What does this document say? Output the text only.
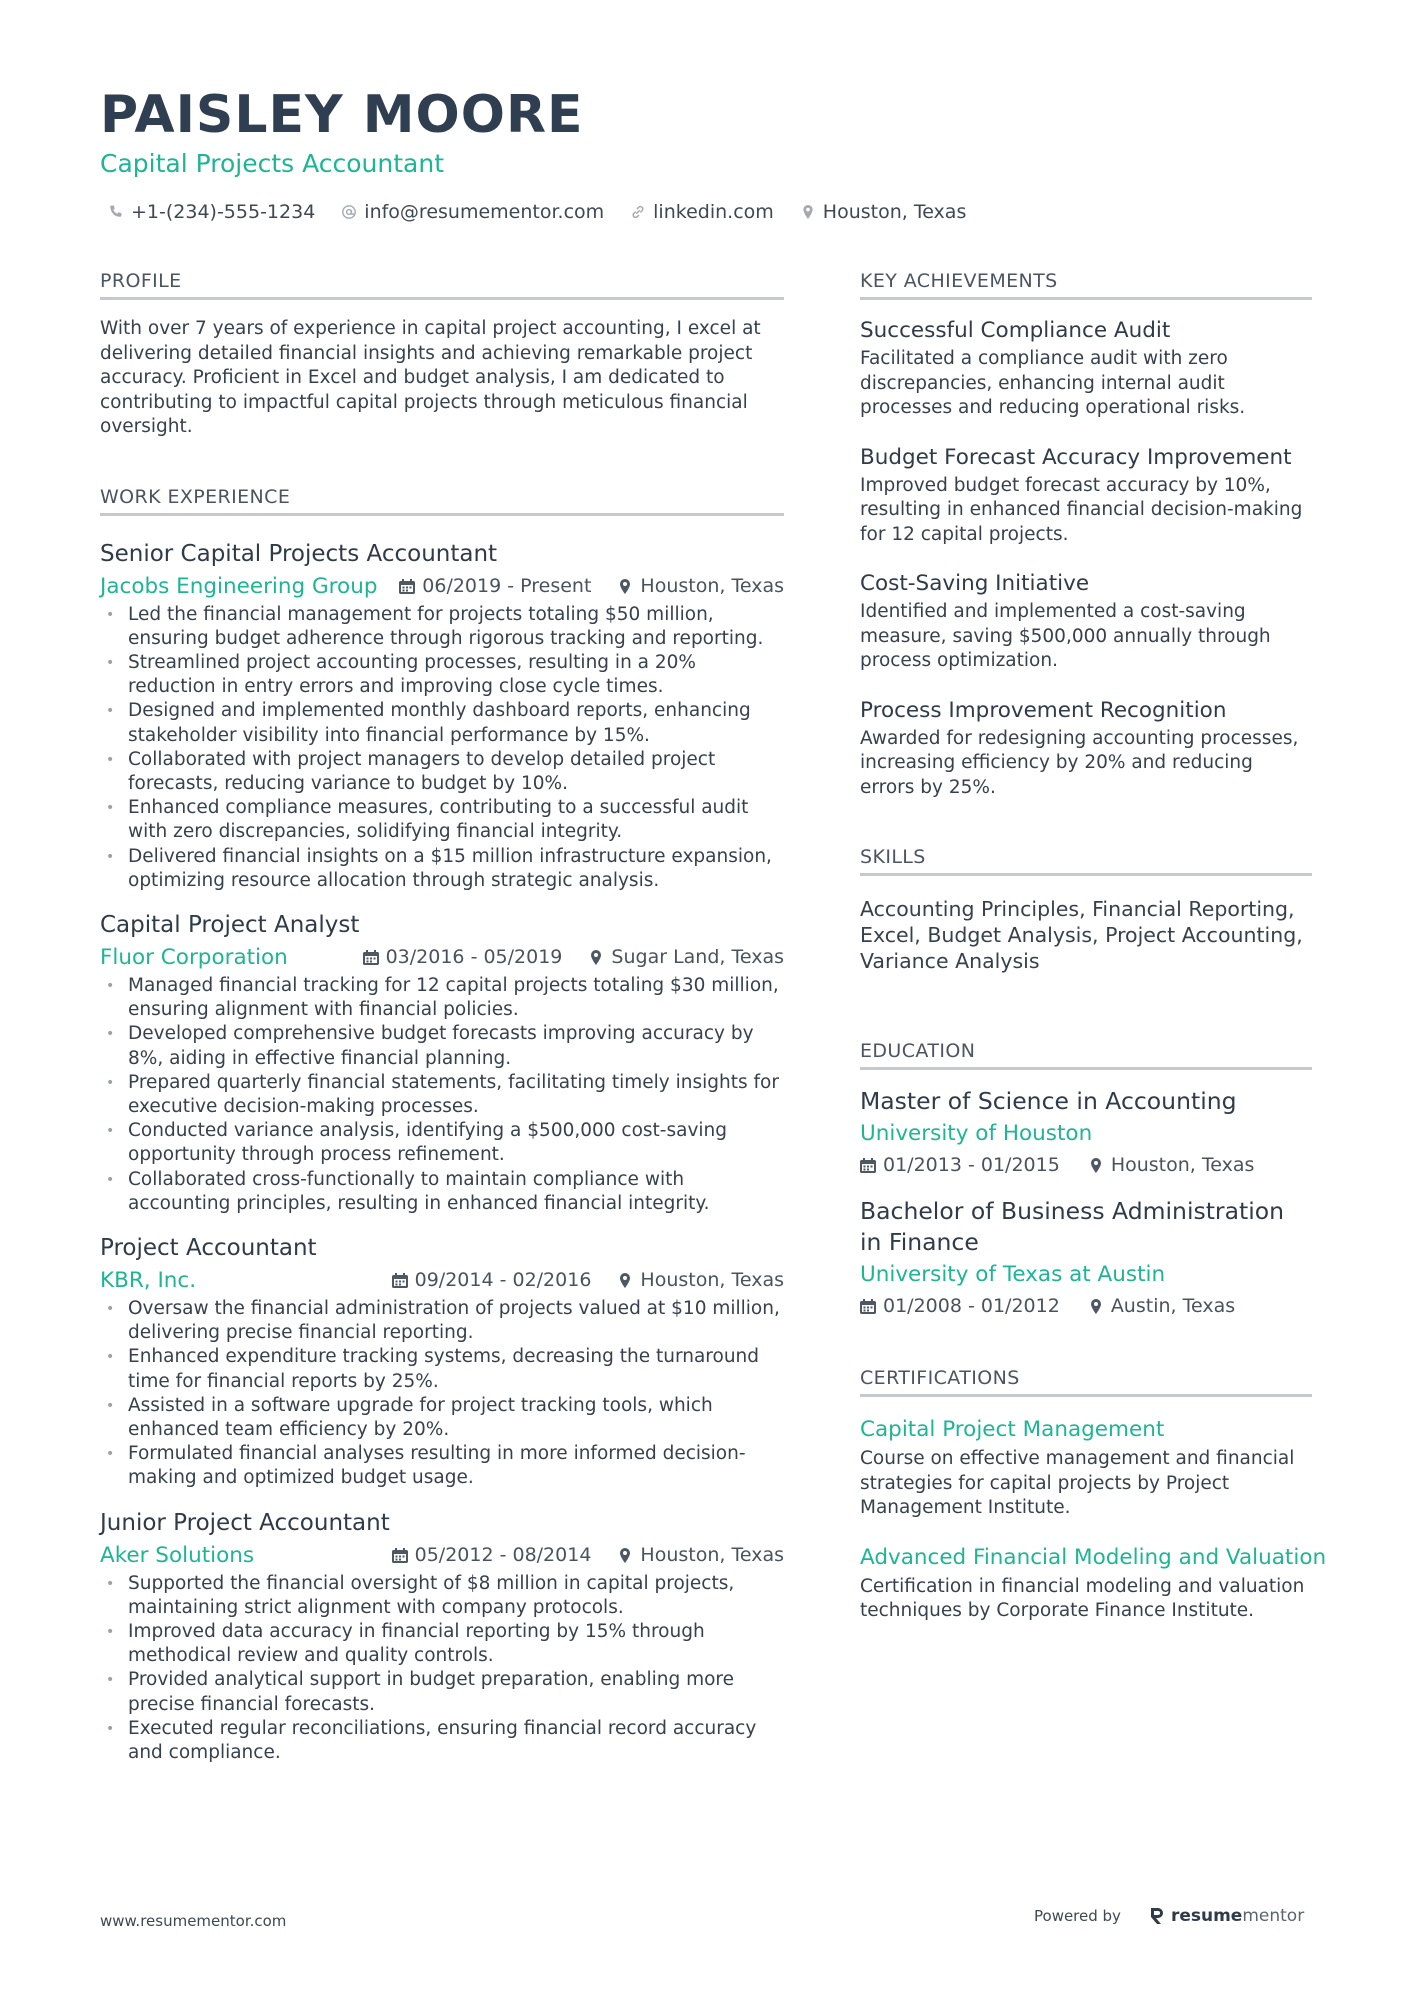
PAISLEY MOORE
Capital Projects Accountant
+1-(234)-555-1234	info@resumementor.com	linkedin.com	Houston, Texas
PROFILE
With over 7 years of experience in capital project accounting, I excel at delivering detailed financial insights and achieving remarkable project accuracy. Proficient in Excel and budget analysis, I am dedicated to contributing to impactful capital projects through meticulous financial oversight.
WORK EXPERIENCE
Senior Capital Projects Accountant
Jacobs Engineering Group	06/2019 - Present	Houston, Texas
• Led the financial management for projects totaling $50 million, ensuring budget adherence through rigorous tracking and reporting.
• Streamlined project accounting processes, resulting in a 20% reduction in entry errors and improving close cycle times.
• Designed and implemented monthly dashboard reports, enhancing stakeholder visibility into financial performance by 15%.
• Collaborated with project managers to develop detailed project forecasts, reducing variance to budget by 10%.
• Enhanced compliance measures, contributing to a successful audit with zero discrepancies, solidifying financial integrity.
• Delivered financial insights on a $15 million infrastructure expansion, optimizing resource allocation through strategic analysis.
Capital Project Analyst
Fluor Corporation	03/2016 - 05/2019	Sugar Land, Texas
• Managed financial tracking for 12 capital projects totaling $30 million, ensuring alignment with financial policies.
• Developed comprehensive budget forecasts improving accuracy by 8%, aiding in effective financial planning.
• Prepared quarterly financial statements, facilitating timely insights for executive decision-making processes.
• Conducted variance analysis, identifying a $500,000 cost-saving opportunity through process refinement.
• Collaborated cross-functionally to maintain compliance with accounting principles, resulting in enhanced financial integrity.
Project Accountant
KBR, Inc.	09/2014 - 02/2016	Houston, Texas
• Oversaw the financial administration of projects valued at $10 million, delivering precise financial reporting.
• Enhanced expenditure tracking systems, decreasing the turnaround time for financial reports by 25%.
• Assisted in a software upgrade for project tracking tools, which enhanced team efficiency by 20%.
• Formulated financial analyses resulting in more informed decision-making and optimized budget usage.
Junior Project Accountant
Aker Solutions	05/2012 - 08/2014	Houston, Texas
• Supported the financial oversight of $8 million in capital projects, maintaining strict alignment with company protocols.
• Improved data accuracy in financial reporting by 15% through methodical review and quality controls.
• Provided analytical support in budget preparation, enabling more precise financial forecasts.
• Executed regular reconciliations, ensuring financial record accuracy and compliance.
KEY ACHIEVEMENTS
Successful Compliance Audit
Facilitated a compliance audit with zero discrepancies, enhancing internal audit processes and reducing operational risks.
Budget Forecast Accuracy Improvement
Improved budget forecast accuracy by 10%, resulting in enhanced financial decision-making for 12 capital projects.
Cost-Saving Initiative
Identified and implemented a cost-saving measure, saving $500,000 annually through process optimization.
Process Improvement Recognition
Awarded for redesigning accounting processes, increasing efficiency by 20% and reducing errors by 25%.
SKILLS
Accounting Principles, Financial Reporting, Excel, Budget Analysis, Project Accounting, Variance Analysis
EDUCATION
Master of Science in Accounting
University of Houston
01/2013 - 01/2015	Houston, Texas
Bachelor of Business Administration in Finance
University of Texas at Austin
01/2008 - 01/2012	Austin, Texas
CERTIFICATIONS
Capital Project Management
Course on effective management and financial strategies for capital projects by Project Management Institute.
Advanced Financial Modeling and Valuation
Certification in financial modeling and valuation techniques by Corporate Finance Institute.
www.resumementor.com	Powered by	resumementor
